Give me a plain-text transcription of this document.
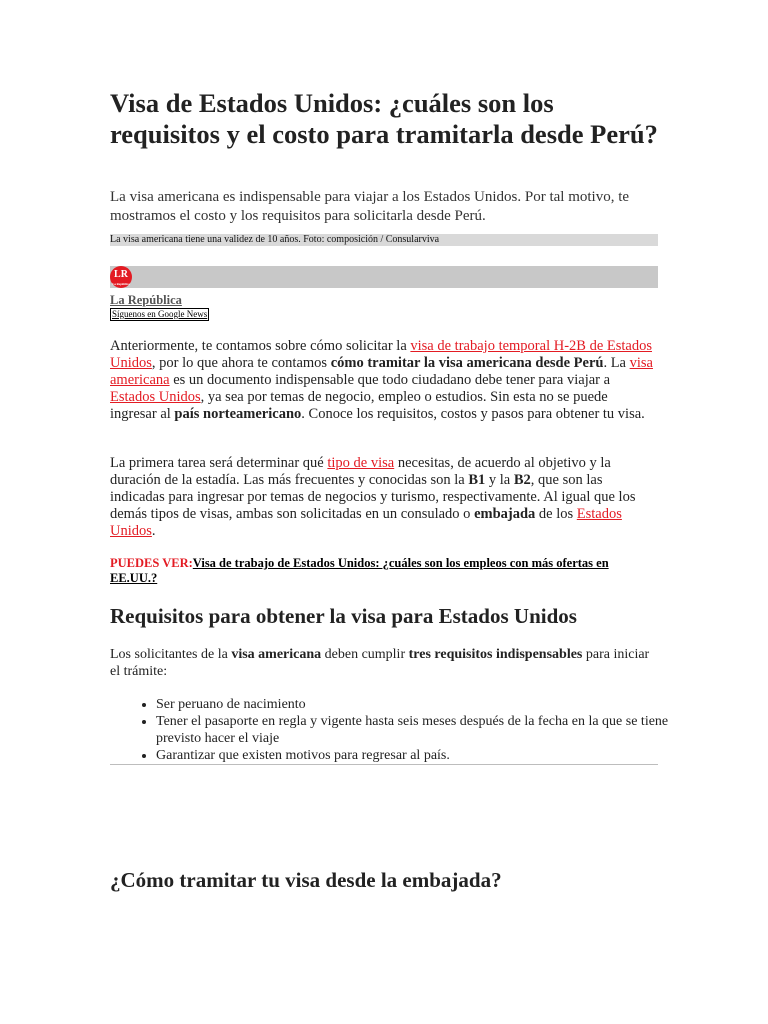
Visa de Estados Unidos: ¿cuáles son los requisitos y el costo para tramitarla desde Perú?
La visa americana es indispensable para viajar a los Estados Unidos. Por tal motivo, te mostramos el costo y los requisitos para solicitarla desde Perú.
La visa americana tiene una validez de 10 años. Foto: composición / Consularviva
LR
La República
La República
Síguenos en Google News
Anteriormente, te contamos sobre cómo solicitar la visa de trabajo temporal H-2B de Estados Unidos, por lo que ahora te contamos cómo tramitar la visa americana desde Perú. La visa americana es un documento indispensable que todo ciudadano debe tener para viajar a Estados Unidos, ya sea por temas de negocio, empleo o estudios. Sin esta no se puede ingresar al país norteamericano. Conoce los requisitos, costos y pasos para obtener tu visa.
La primera tarea será determinar qué tipo de visa necesitas, de acuerdo al objetivo y la duración de la estadía. Las más frecuentes y conocidas son la B1 y la B2, que son las indicadas para ingresar por temas de negocios y turismo, respectivamente. Al igual que los demás tipos de visas, ambas son solicitadas en un consulado o embajada de los Estados Unidos.
PUEDES VER:Visa de trabajo de Estados Unidos: ¿cuáles son los empleos con más ofertas en EE.UU.?
Requisitos para obtener la visa para Estados Unidos
Los solicitantes de la visa americana deben cumplir tres requisitos indispensables para iniciar el trámite:
• Ser peruano de nacimiento
• Tener el pasaporte en regla y vigente hasta seis meses después de la fecha en la que se tiene previsto hacer el viaje
• Garantizar que existen motivos para regresar al país.
¿Cómo tramitar tu visa desde la embajada?
